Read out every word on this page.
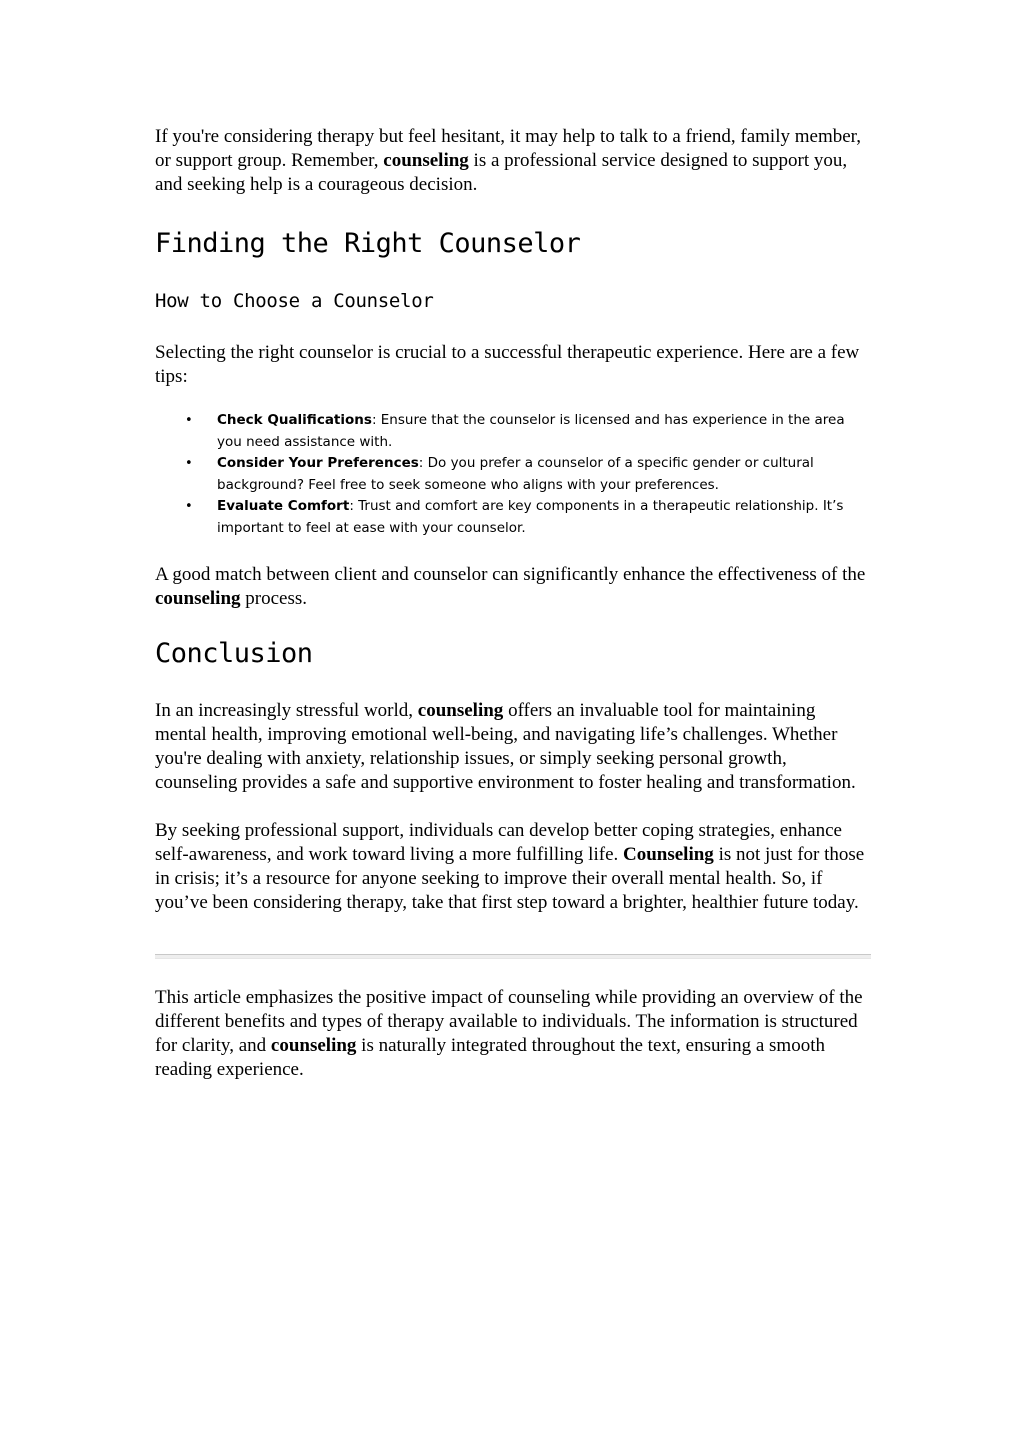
If you're considering therapy but feel hesitant, it may help to talk to a friend, family member, or support group. Remember, counseling is a professional service designed to support you, and seeking help is a courageous decision.

Finding the Right Counselor
How to Choose a Counselor

Selecting the right counselor is crucial to a successful therapeutic experience. Here are a few tips:

• Check Qualifications: Ensure that the counselor is licensed and has experience in the area you need assistance with.
• Consider Your Preferences: Do you prefer a counselor of a specific gender or cultural background? Feel free to seek someone who aligns with your preferences.
• Evaluate Comfort: Trust and comfort are key components in a therapeutic relationship. It’s important to feel at ease with your counselor.

A good match between client and counselor can significantly enhance the effectiveness of the counseling process.

Conclusion

In an increasingly stressful world, counseling offers an invaluable tool for maintaining mental health, improving emotional well-being, and navigating life’s challenges. Whether you're dealing with anxiety, relationship issues, or simply seeking personal growth, counseling provides a safe and supportive environment to foster healing and transformation.

By seeking professional support, individuals can develop better coping strategies, enhance self-awareness, and work toward living a more fulfilling life. Counseling is not just for those in crisis; it’s a resource for anyone seeking to improve their overall mental health. So, if you’ve been considering therapy, take that first step toward a brighter, healthier future today.

This article emphasizes the positive impact of counseling while providing an overview of the different benefits and types of therapy available to individuals. The information is structured for clarity, and counseling is naturally integrated throughout the text, ensuring a smooth reading experience.
